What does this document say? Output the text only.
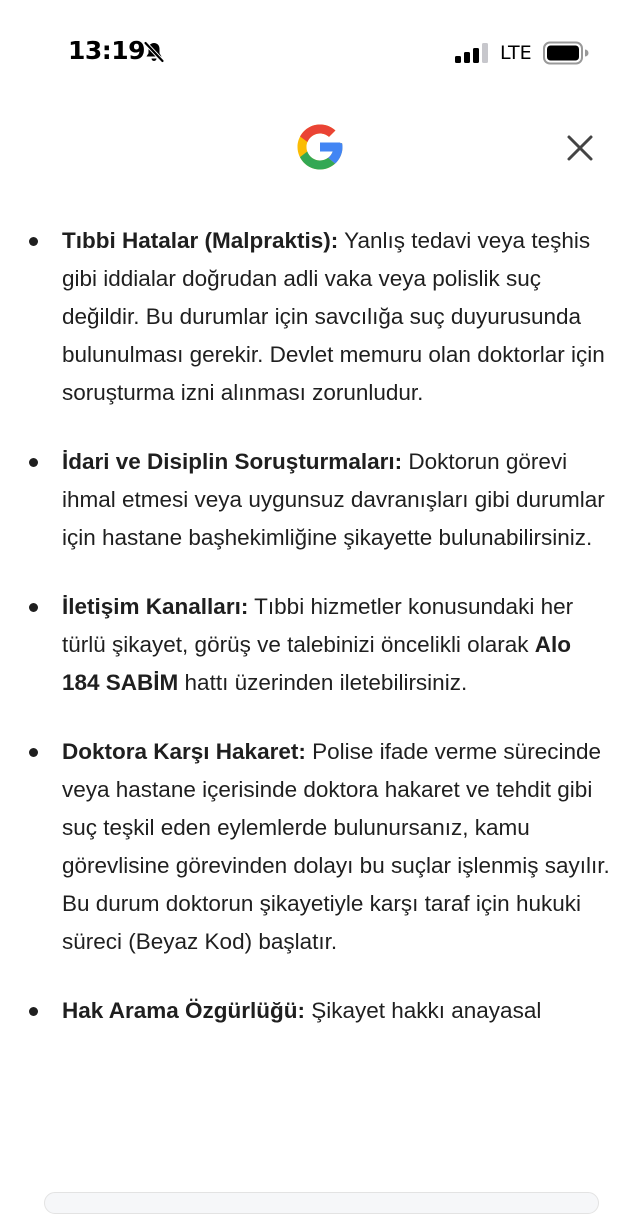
13:19	LTE
Tıbbi Hatalar (Malpraktis): Yanlış tedavi veya teşhis gibi iddialar doğrudan adli vaka veya polislik suç değildir. Bu durumlar için savcılığa suç duyurusunda bulunulması gerekir. Devlet memuru olan doktorlar için soruşturma izni alınması zorunludur.
İdari ve Disiplin Soruşturmaları: Doktorun görevi ihmal etmesi veya uygunsuz davranışları gibi durumlar için hastane başhekimliğine şikayette bulunabilirsiniz.
İletişim Kanalları: Tıbbi hizmetler konusundaki her türlü şikayet, görüş ve talebinizi öncelikli olarak Alo 184 SABİM hattı üzerinden iletebilirsiniz.
Doktora Karşı Hakaret: Polise ifade verme sürecinde veya hastane içerisinde doktora hakaret ve tehdit gibi suç teşkil eden eylemlerde bulunursanız, kamu görevlisine görevinden dolayı bu suçlar işlenmiş sayılır. Bu durum doktorun şikayetiyle karşı taraf için hukuki süreci (Beyaz Kod) başlatır.
Hak Arama Özgürlüğü: Şikayet hakkı anayasal
